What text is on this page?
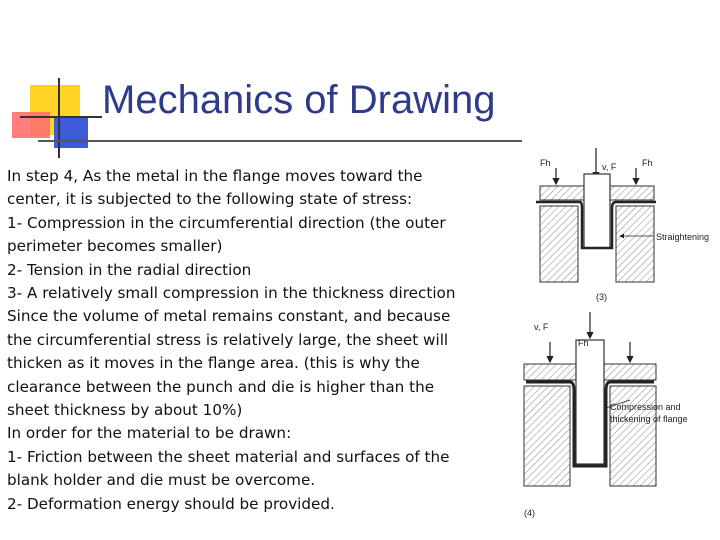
Mechanics of Drawing

In step 4, As the metal in the flange moves toward the

center, it is subjected to the following state of stress:

1- Compression in the circumferential direction (the outer

perimeter becomes smaller)

2- Tension in the radial direction

3- A relatively small compression in the thickness direction

Since the volume of metal remains constant, and because

the circumferential stress is relatively large, the sheet will

thicken as it moves in the flange area. (this is why the

clearance between the punch and die is higher than the

sheet thickness by about 10%)

In order for the material to be drawn:

1- Friction between the sheet material and surfaces of the

blank holder and die must be overcome.

2- Deformation energy should be provided.

v, F
Fh	Fh
Straightening
(3)
v, F
Fh
Compression and
thickening of flange
(4)
